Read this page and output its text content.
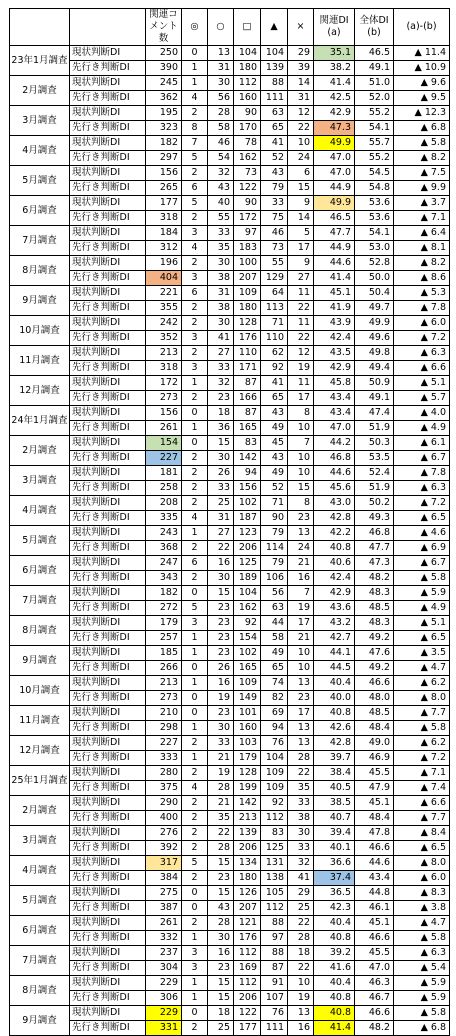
		関連コメント数	◎	○	□	▲	×	関連DI (a)	全体DI (b)	(a)-(b)
23年1月調査	現状判断DI	250	0	13	104	104	29	35.1	46.5	▲ 11.4
	先行き判断DI	390	1	31	180	139	39	38.2	49.1	▲ 10.9
2月調査	現状判断DI	245	1	30	112	88	14	41.4	51.0	▲ 9.6
	先行き判断DI	362	4	56	160	111	31	42.5	52.0	▲ 9.5
3月調査	現状判断DI	195	2	28	90	63	12	42.9	55.2	▲ 12.3
	先行き判断DI	323	8	58	170	65	22	47.3	54.1	▲ 6.8
4月調査	現状判断DI	182	7	46	78	41	10	49.9	55.7	▲ 5.8
	先行き判断DI	297	5	54	162	52	24	47.0	55.2	▲ 8.2
5月調査	現状判断DI	156	2	32	73	43	6	47.0	54.5	▲ 7.5
	先行き判断DI	265	6	43	122	79	15	44.9	54.8	▲ 9.9
6月調査	現状判断DI	177	5	40	90	33	9	49.9	53.6	▲ 3.7
	先行き判断DI	318	2	55	172	75	14	46.5	53.6	▲ 7.1
7月調査	現状判断DI	184	3	33	97	46	5	47.7	54.1	▲ 6.4
	先行き判断DI	312	4	35	183	73	17	44.9	53.0	▲ 8.1
8月調査	現状判断DI	196	2	30	100	55	9	44.6	52.8	▲ 8.2
	先行き判断DI	404	3	38	207	129	27	41.4	50.0	▲ 8.6
9月調査	現状判断DI	221	6	31	109	64	11	45.1	50.4	▲ 5.3
	先行き判断DI	355	2	38	180	113	22	41.9	49.7	▲ 7.8
10月調査	現状判断DI	242	2	30	128	71	11	43.9	49.9	▲ 6.0
	先行き判断DI	352	3	41	176	110	22	42.4	49.6	▲ 7.2
11月調査	現状判断DI	213	2	27	110	62	12	43.5	49.8	▲ 6.3
	先行き判断DI	318	3	33	171	92	19	42.9	49.4	▲ 6.6
12月調査	現状判断DI	172	1	32	87	41	11	45.8	50.9	▲ 5.1
	先行き判断DI	273	2	23	166	65	17	43.4	49.1	▲ 5.7
24年1月調査	現状判断DI	156	0	18	87	43	8	43.4	47.4	▲ 4.0
	先行き判断DI	261	1	36	165	49	10	47.0	51.9	▲ 4.9
2月調査	現状判断DI	154	0	15	83	45	7	44.2	50.3	▲ 6.1
	先行き判断DI	227	2	30	142	43	10	46.8	53.5	▲ 6.7
3月調査	現状判断DI	181	2	26	94	49	10	44.6	52.4	▲ 7.8
	先行き判断DI	258	2	33	156	52	15	45.6	51.9	▲ 6.3
4月調査	現状判断DI	208	2	25	102	71	8	43.0	50.2	▲ 7.2
	先行き判断DI	335	4	31	187	90	23	42.8	49.3	▲ 6.5
5月調査	現状判断DI	243	1	27	123	79	13	42.2	46.8	▲ 4.6
	先行き判断DI	368	2	22	206	114	24	40.8	47.7	▲ 6.9
6月調査	現状判断DI	247	6	16	125	79	21	40.6	47.3	▲ 6.7
	先行き判断DI	343	2	30	189	106	16	42.4	48.2	▲ 5.8
7月調査	現状判断DI	182	0	15	104	56	7	42.9	48.3	▲ 5.9
	先行き判断DI	272	5	23	162	63	19	43.6	48.5	▲ 4.9
8月調査	現状判断DI	179	3	23	92	44	17	43.2	48.3	▲ 5.1
	先行き判断DI	257	1	23	154	58	21	42.7	49.2	▲ 6.5
9月調査	現状判断DI	185	1	23	102	49	10	44.1	47.6	▲ 3.5
	先行き判断DI	266	0	26	165	65	10	44.5	49.2	▲ 4.7
10月調査	現状判断DI	213	1	16	109	74	13	40.4	46.6	▲ 6.2
	先行き判断DI	273	0	19	149	82	23	40.0	48.0	▲ 8.0
11月調査	現状判断DI	210	0	23	101	69	17	40.8	48.5	▲ 7.7
	先行き判断DI	298	1	30	160	94	13	42.6	48.4	▲ 5.8
12月調査	現状判断DI	227	2	33	103	76	13	42.8	49.0	▲ 6.2
	先行き判断DI	333	1	21	179	104	28	39.7	46.9	▲ 7.2
25年1月調査	現状判断DI	280	2	19	128	109	22	38.4	45.5	▲ 7.1
	先行き判断DI	375	4	28	199	109	35	40.5	47.9	▲ 7.4
2月調査	現状判断DI	290	2	21	142	92	33	38.5	45.1	▲ 6.6
	先行き判断DI	400	2	35	213	112	38	40.7	48.4	▲ 7.7
3月調査	現状判断DI	276	2	22	139	83	30	39.4	47.8	▲ 8.4
	先行き判断DI	392	2	28	206	125	33	40.1	46.6	▲ 6.5
4月調査	現状判断DI	317	5	15	134	131	32	36.6	44.6	▲ 8.0
	先行き判断DI	384	2	23	180	138	41	37.4	43.4	▲ 6.0
5月調査	現状判断DI	275	0	15	126	105	29	36.5	44.8	▲ 8.3
	先行き判断DI	387	0	43	207	112	25	42.3	46.1	▲ 3.8
6月調査	現状判断DI	261	2	28	121	88	22	40.4	45.1	▲ 4.7
	先行き判断DI	332	1	30	176	97	28	40.8	46.6	▲ 5.8
7月調査	現状判断DI	237	3	16	112	88	18	39.2	45.5	▲ 6.3
	先行き判断DI	304	3	23	169	87	22	41.6	47.0	▲ 5.4
8月調査	現状判断DI	229	1	15	112	91	10	40.4	46.3	▲ 5.9
	先行き判断DI	306	1	15	206	107	19	40.8	46.7	▲ 5.9
9月調査	現状判断DI	229	0	18	122	76	13	40.8	46.6	▲ 5.8
	先行き判断DI	331	2	25	177	111	16	41.4	48.2	▲ 6.8
